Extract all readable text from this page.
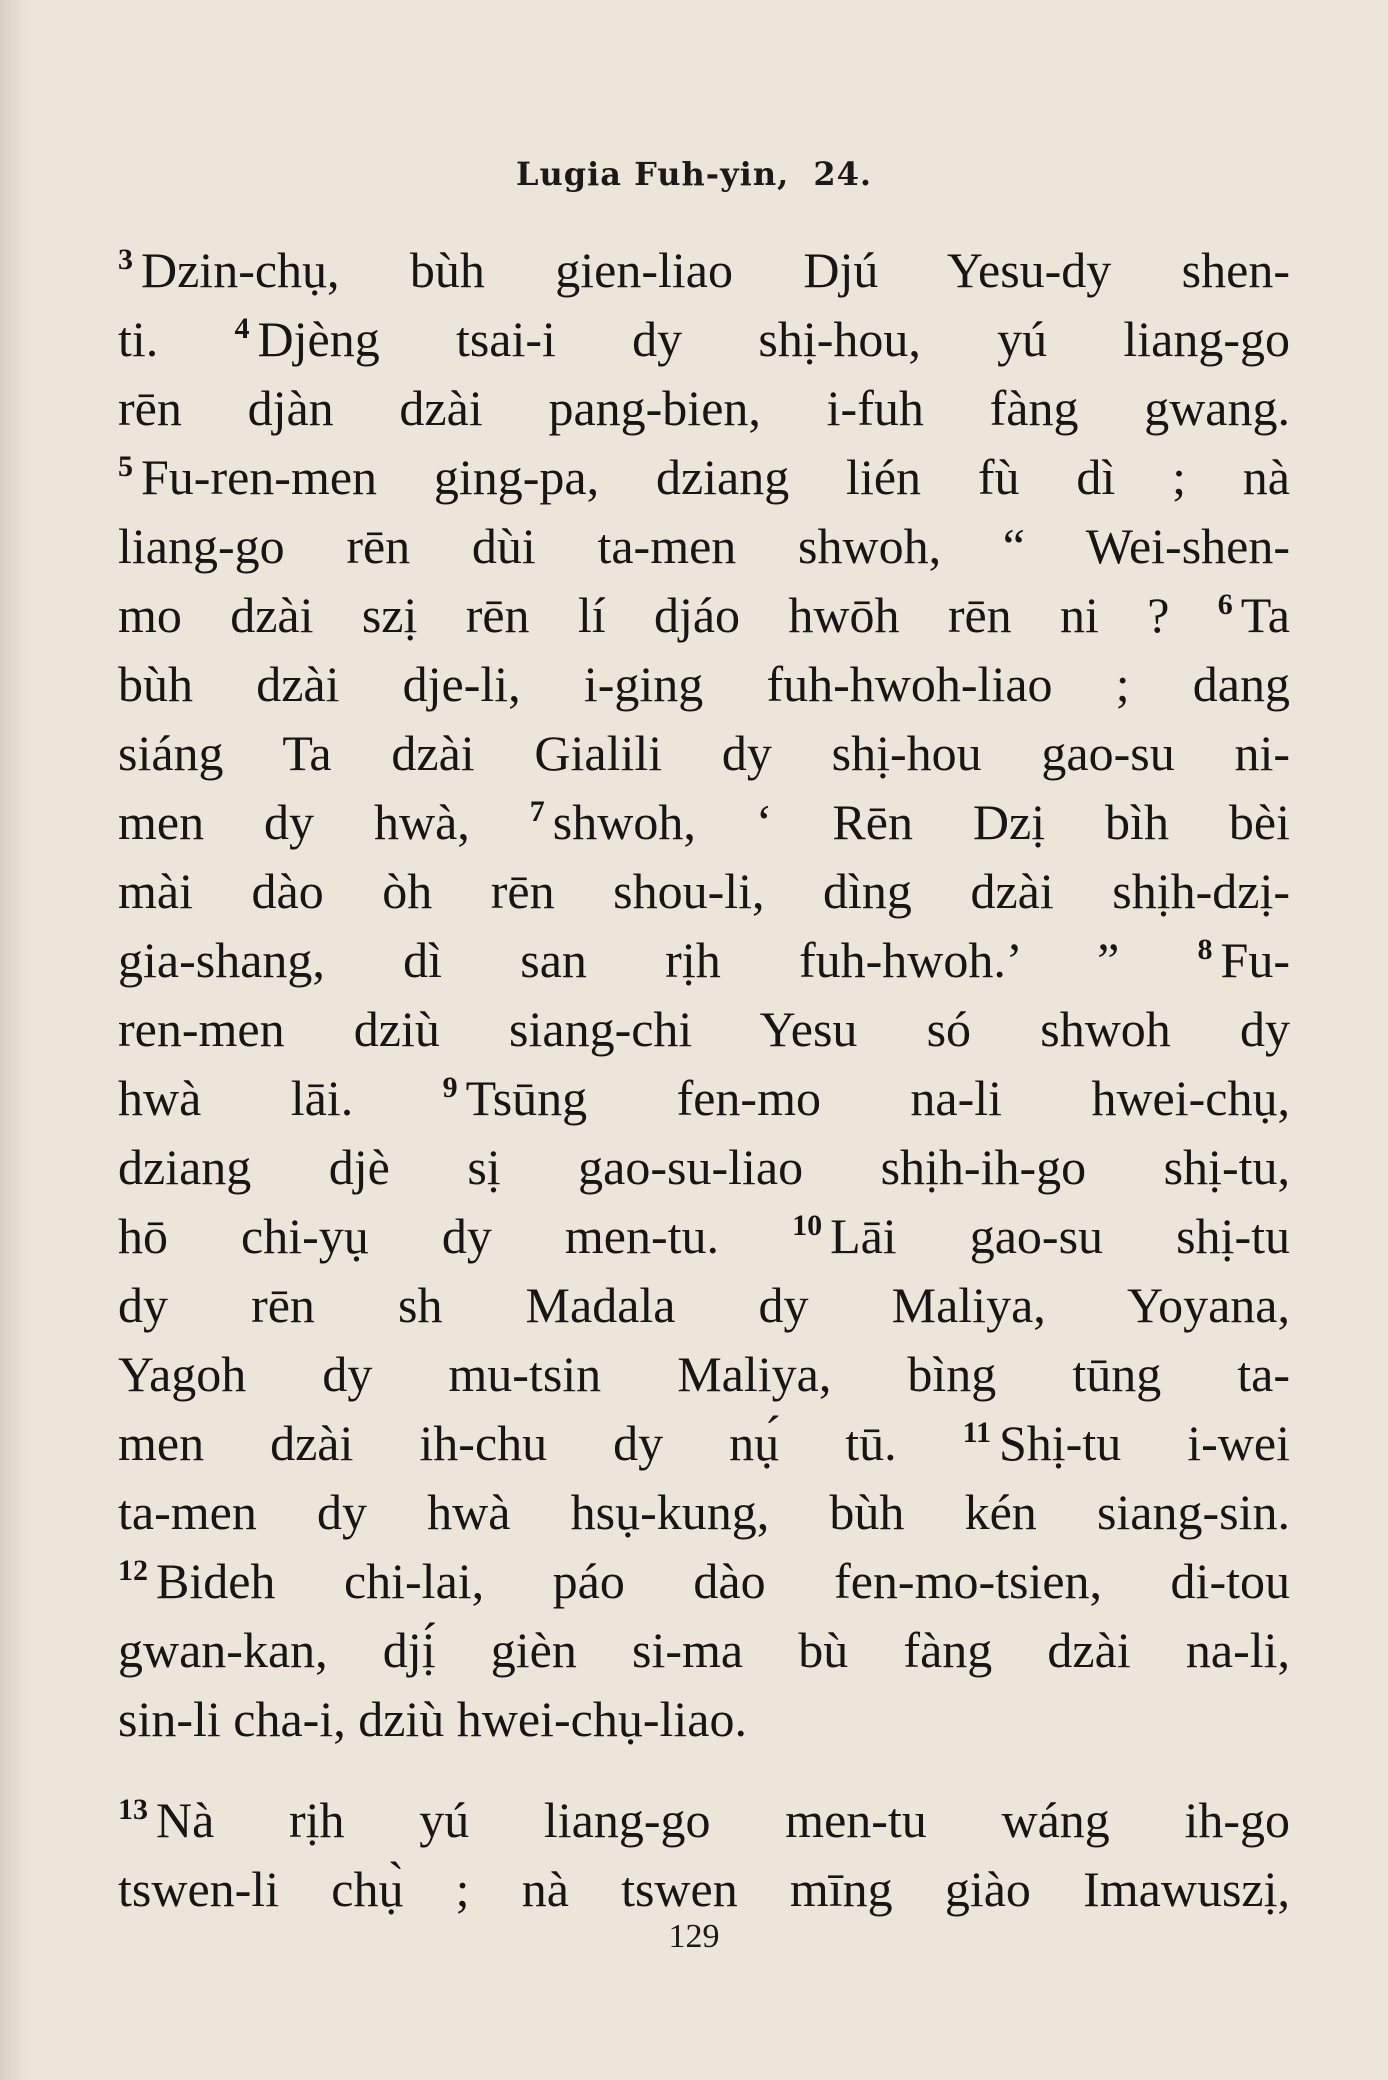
Lugia Fuh-yin, 24.
$^3$ Dzin-chụ, bùh gien-liao Djú Yesu-dy shen-
ti. $^4$ Djèng tsai-i dy shị-hou, yú liang-go
rēn djàn dzài pang-bien, i-fuh fàng gwang.
$^5$ Fu-ren-men ging-pa, dziang lién fù dì ; nà
liang-go rēn dùi ta-men shwoh, “ Wei-shen-
mo dzài szị rēn lí djáo hwōh rēn ni ? $^6$ Ta
bùh dzài dje-li, i-ging fuh-hwoh-liao ; dang
siáng Ta dzài Gialili dy shị-hou gao-su ni-
men dy hwà, $^7$ shwoh, ‘ Rēn Dzị bìh bèi
mài dào òh rēn shou-li, dìng dzài shịh-dzị-
gia-shang, dì san rịh fuh-hwoh.’ ” $^8$ Fu-
ren-men dziù siang-chi Yesu só shwoh dy
hwà lāi. $^9$ Tsūng fen-mo na-li hwei-chụ,
dziang djè sị gao-su-liao shịh-ih-go shị-tu,
hō chi-yụ dy men-tu. $^{10}$ Lāi gao-su shị-tu
dy rēn sh Madala dy Maliya, Yoyana,
Yagoh dy mu-tsin Maliya, bìng tūng ta-
men dzài ih-chu dy nụ́ tū. $^{11}$ Shị-tu i-wei
ta-men dy hwà hsụ-kung, bùh kén siang-sin.
$^{12}$ Bideh chi-lai, páo dào fen-mo-tsien, di-tou
gwan-kan, djị́ gièn si-ma bù fàng dzài na-li,
sin-li cha-i, dziù hwei-chụ-liao.
$^{13}$ Nà rịh yú liang-go men-tu wáng ih-go
tswen-li chụ̀ ; nà tswen mīng giào Imawuszị,
129
